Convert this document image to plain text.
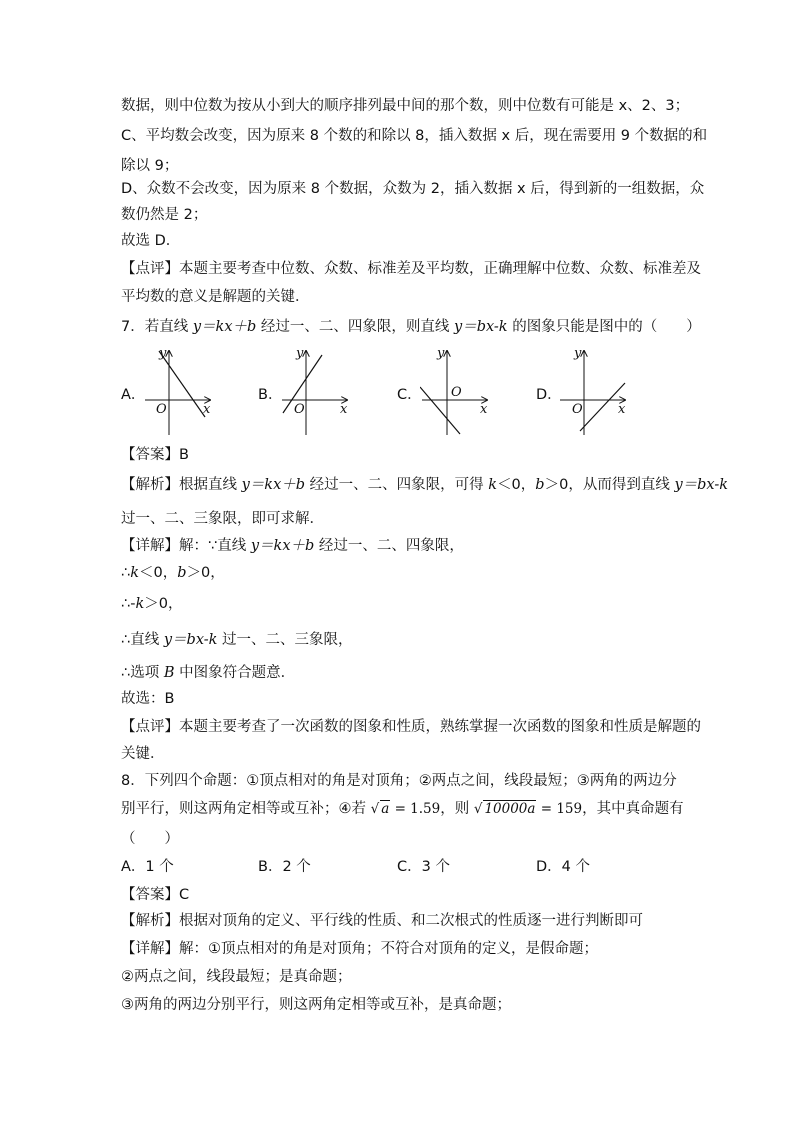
数据，则中位数为按从小到大的顺序排列最中间的那个数，则中位数有可能是 x、2、3；
C、平均数会改变，因为原来 8 个数的和除以 8，插入数据 x 后，现在需要用 9 个数据的和
除以 9；
D、众数不会改变，因为原来 8 个数据，众数为 2，插入数据 x 后，得到新的一组数据，众
数仍然是 2；
故选 D．
【点评】本题主要考查中位数、众数、标准差及平均数，正确理解中位数、众数、标准差及
平均数的意义是解题的关键．
7．若直线 y＝kx＋b 经过一、二、四象限，则直线 y＝bx-k 的图象只能是图中的（　　）
A．
y
x
O
B．
y
x
O
C．
y
x
O	D．
y
x
O
【答案】B
【解析】根据直线 y＝kx＋b 经过一、二、四象限，可得 k＜0，b＞0，从而得到直线 y＝bx-k
过一、二、三象限，即可求解．
【详解】解：∵直线 y＝kx＋b 经过一、二、四象限，
∴k＜0，b＞0，
∴-k＞0，
∴直线 y＝bx-k 过一、二、三象限，
∴选项 B 中图象符合题意．
故选：B
【点评】本题主要考查了一次函数的图象和性质，熟练掌握一次函数的图象和性质是解题的
关键．
8．下列四个命题：①顶点相对的角是对顶角；②两点之间，线段最短；③两角的两边分
别平行，则这两角定相等或互补；④若 √ a = 1.59，则 √ 10000a = 159，其中真命题有
（　　）
A．1 个	B．2 个	C．3 个	D．4 个
【答案】C
【解析】根据对顶角的定义、平行线的性质、和二次根式的性质逐一进行判断即可
【详解】解：①顶点相对的角是对顶角；不符合对顶角的定义，是假命题；
②两点之间，线段最短；是真命题；
③两角的两边分别平行，则这两角定相等或互补，是真命题；
